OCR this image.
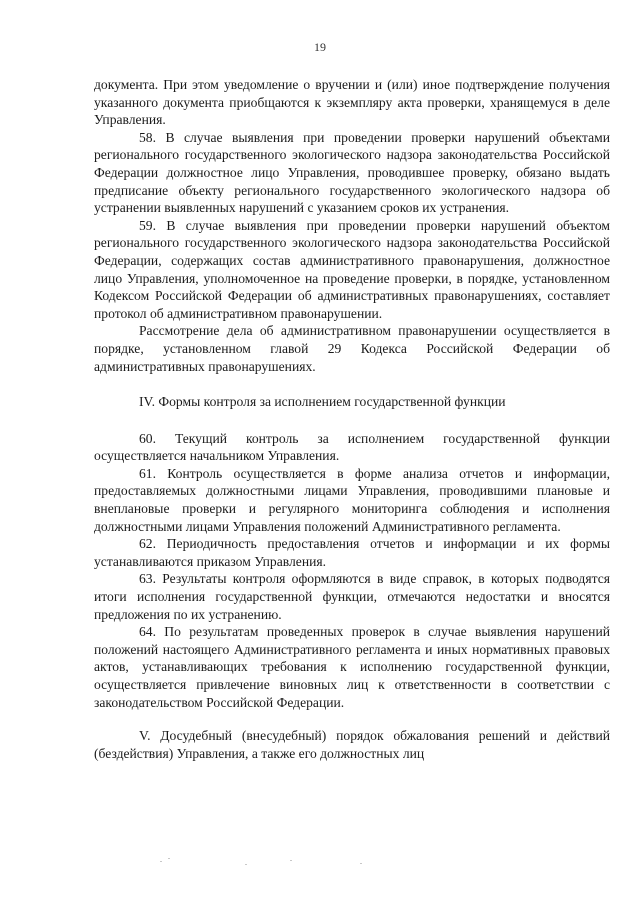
19

документа. При этом уведомление о вручении и (или) иное подтверждение получения указанного документа приобщаются к экземпляру акта проверки, хранящемуся в деле Управления.

58. В случае выявления при проведении проверки нарушений объектами регионального государственного экологического надзора законодательства Российской Федерации должностное лицо Управления, проводившее проверку, обязано выдать предписание объекту регионального государственного экологического надзора об устранении выявленных нарушений с указанием сроков их устранения.

59. В случае выявления при проведении проверки нарушений объектом регионального государственного экологического надзора законодательства Российской Федерации, содержащих состав административного правонарушения, должностное лицо Управления, уполномоченное на проведение проверки, в порядке, установленном Кодексом Российской Федерации об административных правонарушениях, составляет протокол об административном правонарушении.

Рассмотрение дела об административном правонарушении осуществляется в порядке, установленном главой 29 Кодекса Российской Федерации об административных правонарушениях.

IV. Формы контроля за исполнением государственной функции

60. Текущий контроль за исполнением государственной функции осуществляется начальником Управления.

61. Контроль осуществляется в форме анализа отчетов и информации, предоставляемых должностными лицами Управления, проводившими плановые и внеплановые проверки и регулярного мониторинга соблюдения и исполнения должностными лицами Управления положений Административного регламента.

62. Периодичность предоставления отчетов и информации и их формы устанавливаются приказом Управления.

63. Результаты контроля оформляются в виде справок, в которых подводятся итоги исполнения государственной функции, отмечаются недостатки и вносятся предложения по их устранению.

64. По результатам проведенных проверок в случае выявления нарушений положений настоящего Административного регламента и иных нормативных правовых актов, устанавливающих требования к исполнению государственной функции, осуществляется привлечение виновных лиц к ответственности в соответствии с законодательством Российской Федерации.

V. Досудебный (внесудебный) порядок обжалования решений и действий (бездействия) Управления, а также его должностных лиц
